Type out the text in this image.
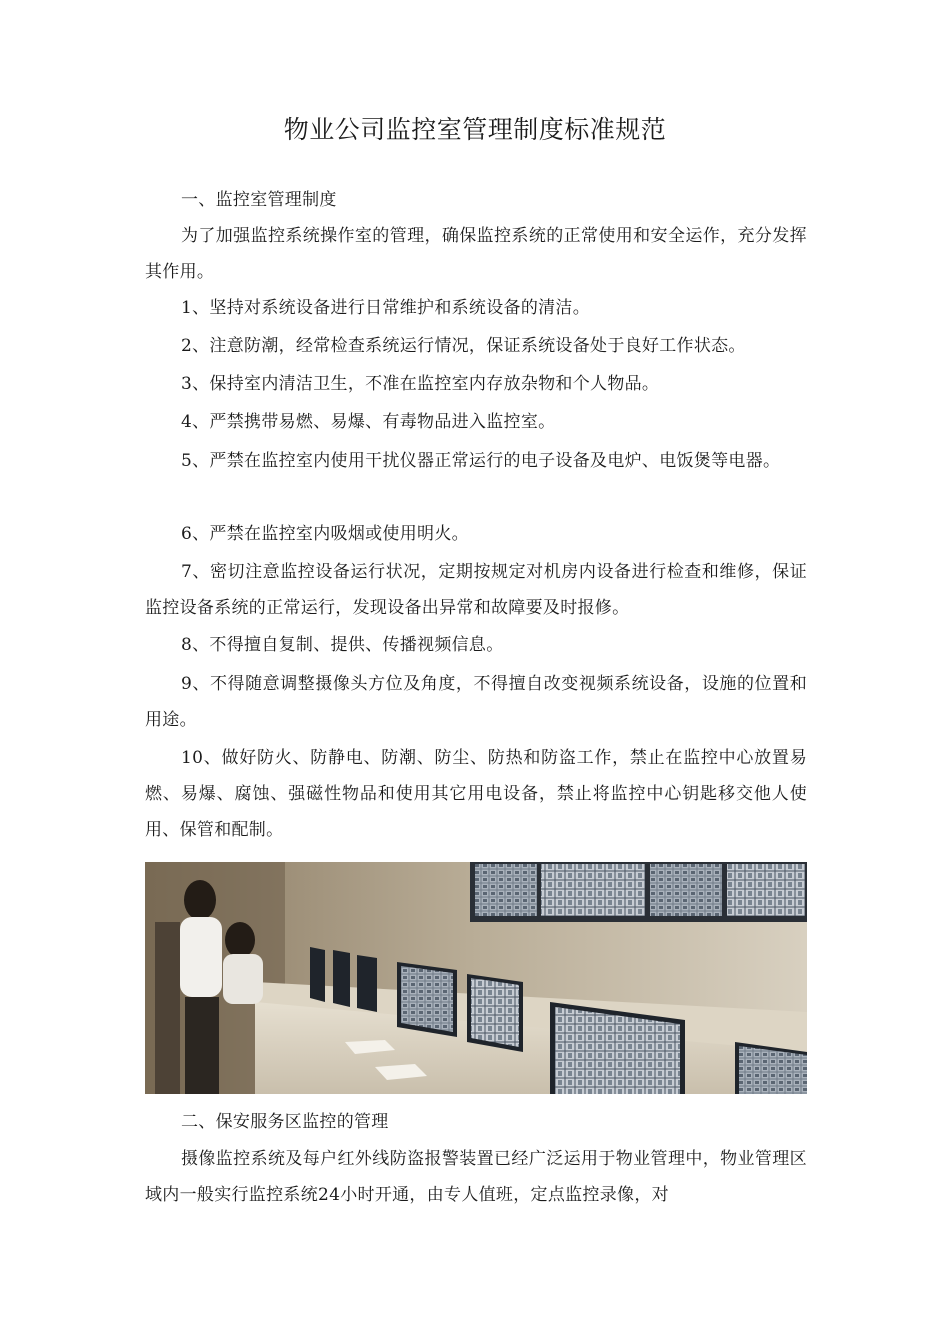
物业公司监控室管理制度标准规范

一、监控室管理制度

为了加强监控系统操作室的管理，确保监控系统的正常使用和安全运作，充分发挥其作用。

1、坚持对系统设备进行日常维护和系统设备的清洁。

2、注意防潮，经常检查系统运行情况，保证系统设备处于良好工作状态。

3、保持室内清洁卫生，不准在监控室内存放杂物和个人物品。

4、严禁携带易燃、易爆、有毒物品进入监控室。

5、严禁在监控室内使用干扰仪器正常运行的电子设备及电炉、电饭煲等电器。

6、严禁在监控室内吸烟或使用明火。

7、密切注意监控设备运行状况，定期按规定对机房内设备进行检查和维修，保证监控设备系统的正常运行，发现设备出异常和故障要及时报修。

8、不得擅自复制、提供、传播视频信息。

9、不得随意调整摄像头方位及角度，不得擅自改变视频系统设备，设施的位置和用途。

10、做好防火、防静电、防潮、防尘、防热和防盗工作，禁止在监控中心放置易燃、易爆、腐蚀、强磁性物品和使用其它用电设备，禁止将监控中心钥匙移交他人使用、保管和配制。

二、保安服务区监控的管理

摄像监控系统及每户红外线防盗报警装置已经广泛运用于物业管理中，物业管理区域内一般实行监控系统24小时开通，由专人值班，定点监控录像，对
